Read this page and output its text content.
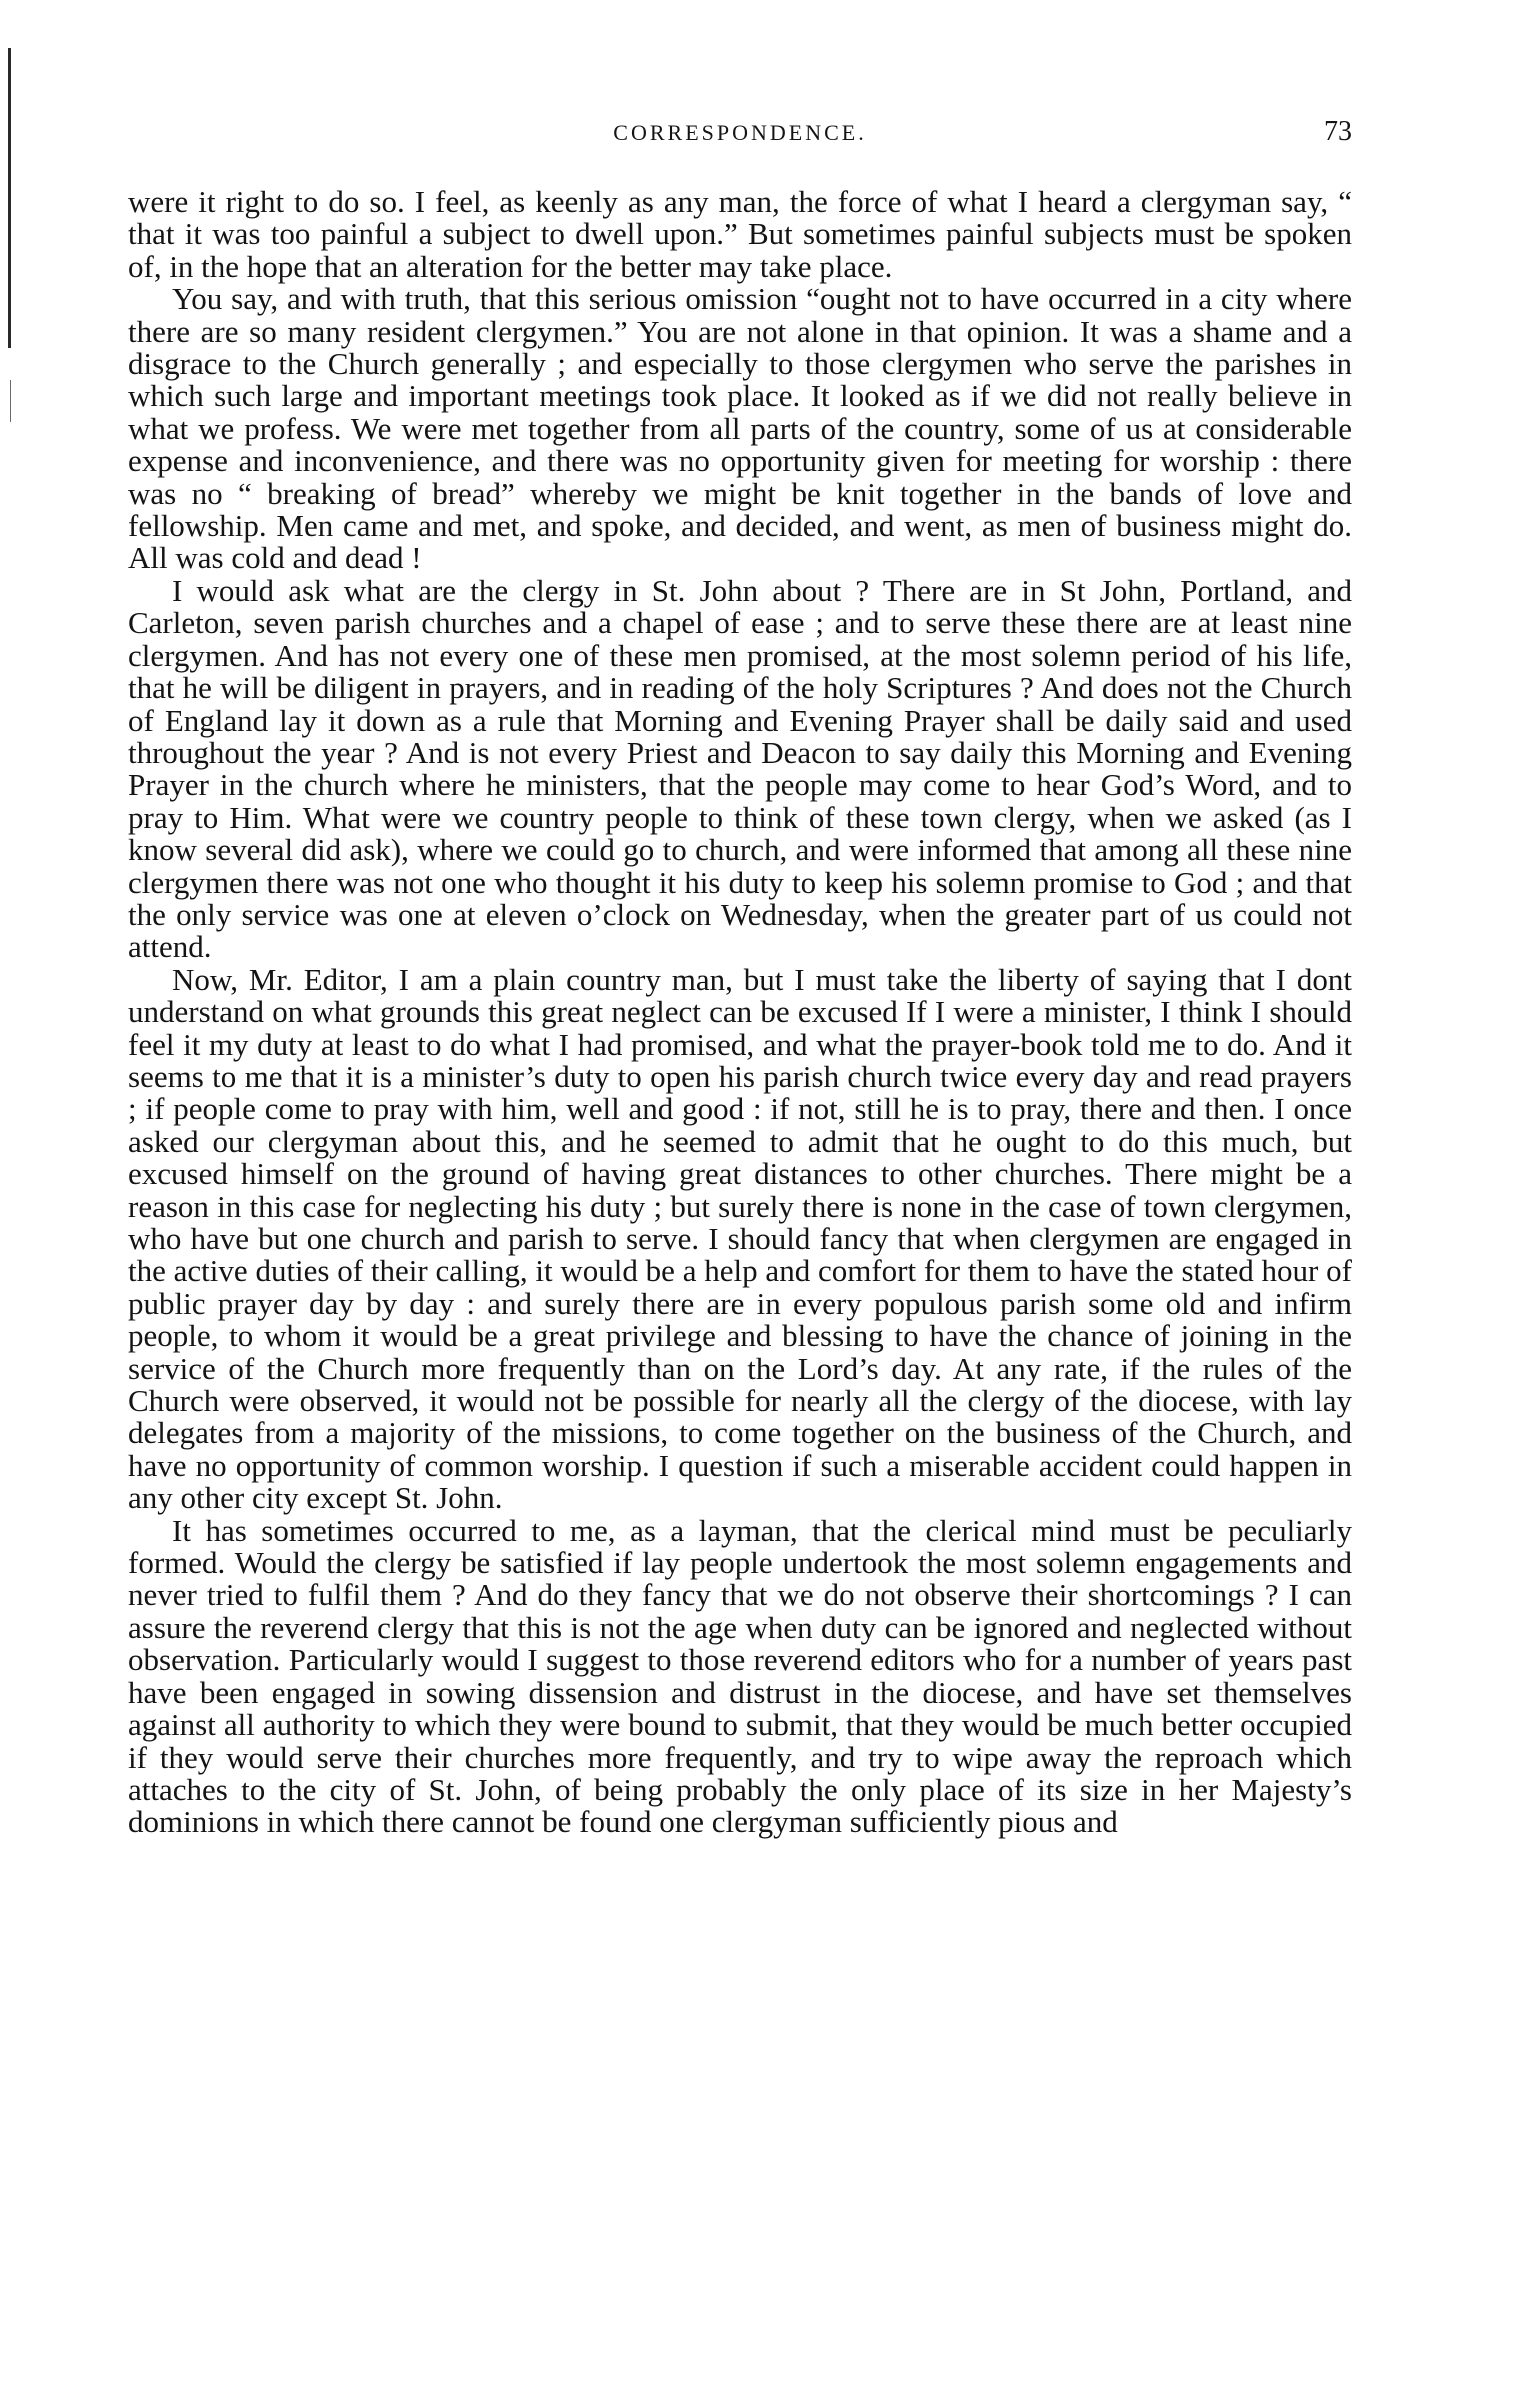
CORRESPONDENCE.	73

were it right to do so. I feel, as keenly as any man, the force of what I heard a clergyman say, “ that it was too painful a subject to dwell upon.” But sometimes painful subjects must be spoken of, in the hope that an alteration for the better may take place.

You say, and with truth, that this serious omission “ought not to have occurred in a city where there are so many resident clergymen.” You are not alone in that opinion. It was a shame and a disgrace to the Church generally ; and especially to those clergymen who serve the parishes in which such large and important meetings took place. It looked as if we did not really believe in what we profess. We were met together from all parts of the country, some of us at considerable expense and inconvenience, and there was no opportunity given for meeting for worship : there was no “ breaking of bread” whereby we might be knit together in the bands of love and fellowship. Men came and met, and spoke, and decided, and went, as men of business might do. All was cold and dead !

I would ask what are the clergy in St. John about ? There are in St John, Portland, and Carleton, seven parish churches and a chapel of ease ; and to serve these there are at least nine clergymen. And has not every one of these men promised, at the most solemn period of his life, that he will be diligent in prayers, and in reading of the holy Scriptures ? And does not the Church of England lay it down as a rule that Morning and Evening Prayer shall be daily said and used throughout the year ? And is not every Priest and Deacon to say daily this Morning and Evening Prayer in the church where he ministers, that the people may come to hear God’s Word, and to pray to Him. What were we country people to think of these town clergy, when we asked (as I know several did ask), where we could go to church, and were informed that among all these nine clergymen there was not one who thought it his duty to keep his solemn promise to God ; and that the only service was one at eleven o’clock on Wednesday, when the greater part of us could not attend.

Now, Mr. Editor, I am a plain country man, but I must take the liberty of saying that I dont understand on what grounds this great neglect can be excused If I were a minister, I think I should feel it my duty at least to do what I had promised, and what the prayer-book told me to do. And it seems to me that it is a minister’s duty to open his parish church twice every day and read prayers ; if people come to pray with him, well and good : if not, still he is to pray, there and then. I once asked our clergyman about this, and he seemed to admit that he ought to do this much, but excused himself on the ground of having great distances to other churches. There might be a reason in this case for neglecting his duty ; but surely there is none in the case of town clergymen, who have but one church and parish to serve. I should fancy that when clergymen are engaged in the active duties of their calling, it would be a help and comfort for them to have the stated hour of public prayer day by day : and surely there are in every populous parish some old and infirm people, to whom it would be a great privilege and blessing to have the chance of joining in the service of the Church more frequently than on the Lord’s day. At any rate, if the rules of the Church were observed, it would not be possible for nearly all the clergy of the diocese, with lay delegates from a majority of the missions, to come together on the business of the Church, and have no opportunity of common worship. I question if such a miserable accident could happen in any other city except St. John.

It has sometimes occurred to me, as a layman, that the clerical mind must be peculiarly formed. Would the clergy be satisfied if lay people undertook the most solemn engagements and never tried to fulfil them ? And do they fancy that we do not observe their shortcomings ? I can assure the reverend clergy that this is not the age when duty can be ignored and neglected without observation. Particularly would I suggest to those reverend editors who for a number of years past have been engaged in sowing dissension and distrust in the diocese, and have set themselves against all authority to which they were bound to submit, that they would be much better occupied if they would serve their churches more frequently, and try to wipe away the reproach which attaches to the city of St. John, of being probably the only place of its size in her Majesty’s dominions in which there cannot be found one clergyman sufficiently pious and
